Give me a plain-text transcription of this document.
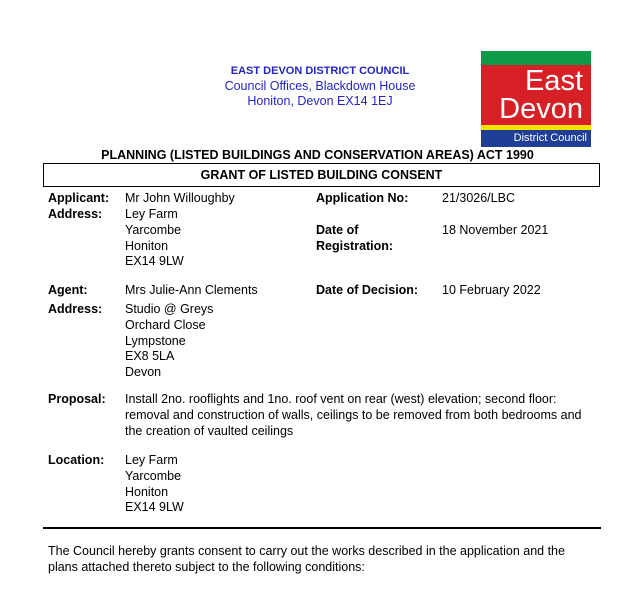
EAST DEVON DISTRICT COUNCIL
Council Offices, Blackdown House
Honiton, Devon EX14 1EJ
East
Devon
District Council
PLANNING (LISTED BUILDINGS AND CONSERVATION AREAS) ACT 1990
GRANT OF LISTED BUILDING CONSENT
Applicant: Mr John Willoughby
Address: Ley Farm
Yarcombe
Honiton
EX14 9LW
Application No:	21/3026/LBC
Date of
Registration:
18 November 2021
Date of Decision: 10 February 2022
Agent:	Mrs Julie-Ann Clements
Address: Studio @ Greys
Orchard Close
Lympstone
EX8 5LA
Devon
Proposal: Install 2no. rooflights and 1no. roof vent on rear (west) elevation; second floor: removal and construction of walls, ceilings to be removed from both bedrooms and the creation of vaulted ceilings
Location: Ley Farm
Yarcombe
Honiton
EX14 9LW
The Council hereby grants consent to carry out the works described in the application and the plans attached thereto subject to the following conditions:
